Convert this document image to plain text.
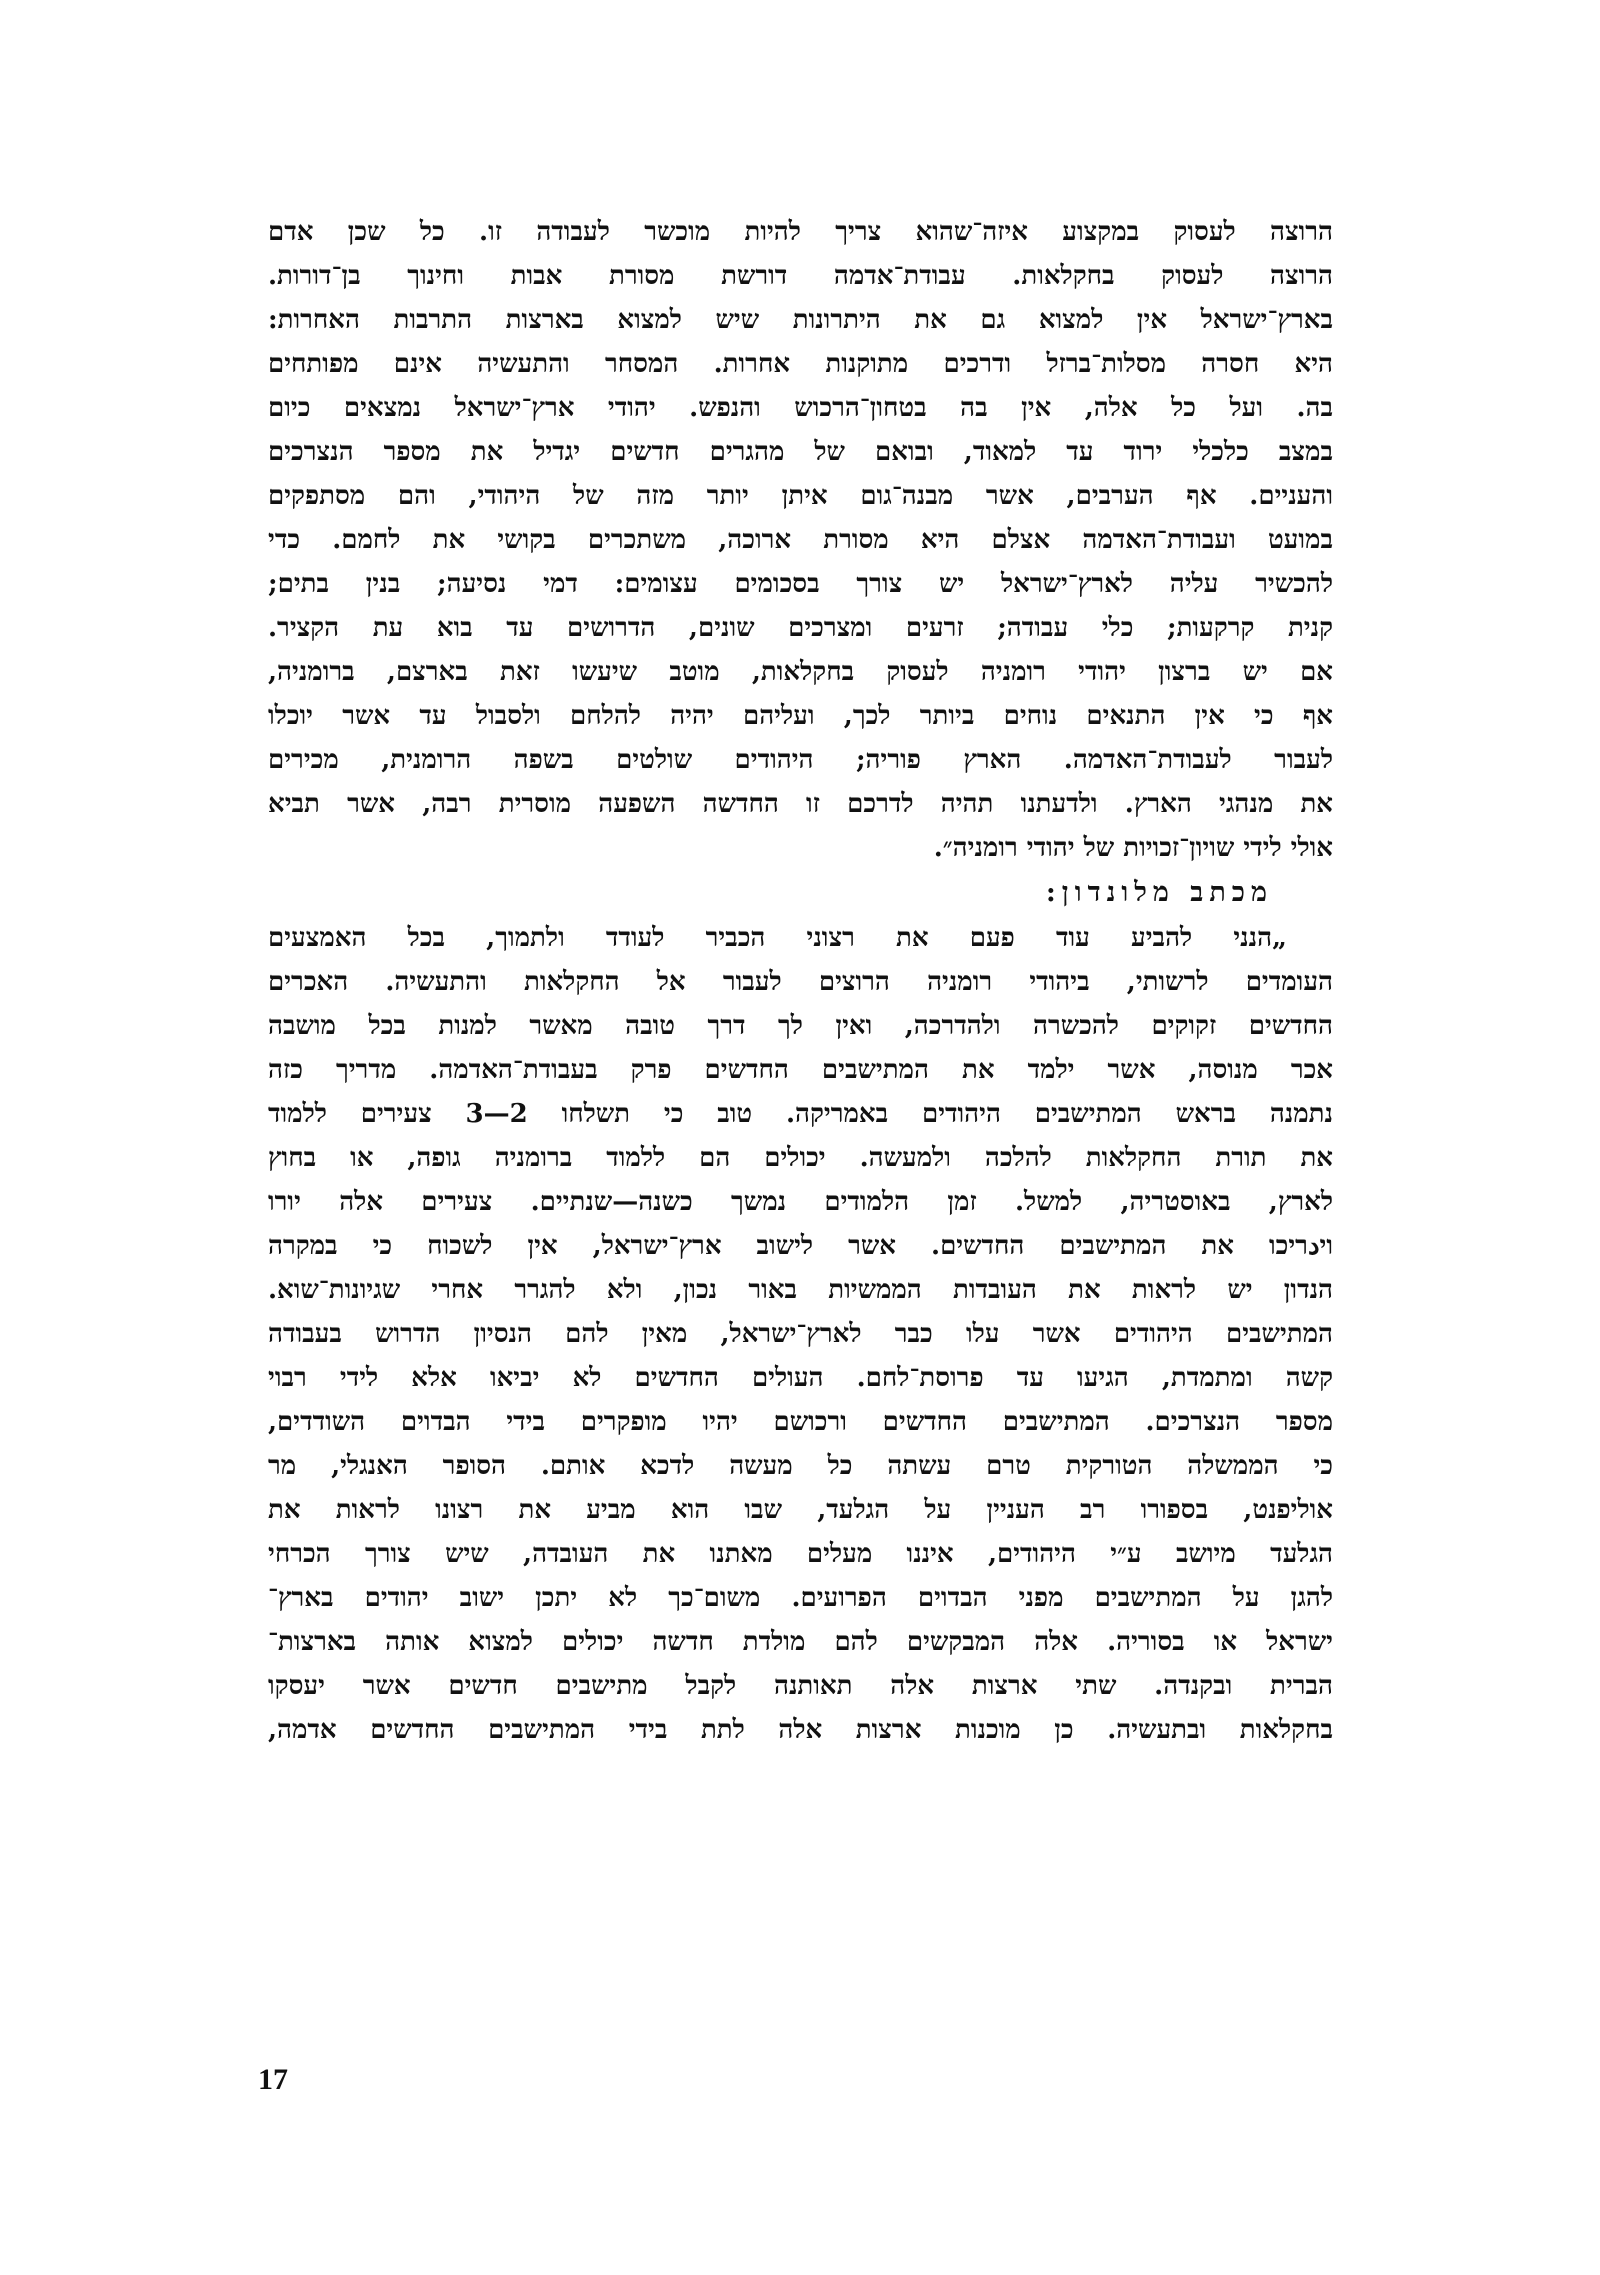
הרוצה לעסוק במקצוע איזה־שהוא צריך להיות מוכשר לעבודה זו. כל שכן אדם
הרוצה לעסוק בחקלאות. עבודת־אדמה דורשת מסורת אבות וחינוך בן־דורות.
בארץ־ישראל אין למצוא גם את היתרונות שיש למצוא בארצות התרבות האחרות:
היא חסרה מסלות־ברזל ודרכים מתוקנות אחרות. המסחר והתעשיה אינם מפותחים
בה. ועל כל אלה, אין בה בטחון־הרכוש והנפש. יהודי ארץ־ישראל נמצאים כיום
במצב כלכלי ירוד עד למאוד, ובואם של מהגרים חדשים יגדיל את מספר הנצרכים
והעניים. אף הערבים, אשר מבנה־גום איתן יותר מזה של היהודי, והם מסתפקים
במועט ועבודת־האדמה אצלם היא מסורת ארוכה, משתכרים בקושי את לחמם. כדי
להכשיר עליה לארץ־ישראל יש צורך בסכומים עצומים: דמי נסיעה; בנין בתים;
קנית קרקעות; כלי עבודה; זרעים ומצרכים שונים, הדרושים עד בוא עת הקציר.
אם יש ברצון יהודי רומניה לעסוק בחקלאות, מוטב שיעשו זאת בארצם, ברומניה,
אף כי אין התנאים נוחים ביותר לכך, ועליהם יהיה להלחם ולסבול עד אשר יוכלו
לעבור לעבודת־האדמה. הארץ פוריה; היהודים שולטים בשפה הרומנית, מכירים
את מנהגי הארץ. ולדעתנו תהיה לדרכם זו החדשה השפעה מוסרית רבה, אשר תביא
אולי לידי שויון־זכויות של יהודי רומניה״.
מכתב מלונדון:
„הנני להביע עוד פעם את רצוני הכביר לעודד ולתמוך, בכל האמצעים
העומדים לרשותי, ביהודי רומניה הרוצים לעבור אל החקלאות והתעשיה. האכרים
החדשים זקוקים להכשרה ולהדרכה, ואין לך דרך טובה מאשר למנות בכל מושבה
אכר מנוסה, אשר ילמד את המתישבים החדשים פרק בעבודת־האדמה. מדריך כזה
נתמנה בראש המתישבים היהודים באמריקה. טוב כי תשלחו 2—3 צעירים ללמוד
את תורת החקלאות להלכה ולמעשה. יכולים הם ללמוד ברומניה גופה, או בחוץ
לארץ, באוסטריה, למשל. זמן הלמודים נמשך כשנה—שנתיים. צעירים אלה יורו
ויدריכו את המתישבים החדשים. אשר לישוב ארץ־ישראל, אין לשכוח כי במקרה
הנדון יש לראות את העובדות הממשיות באור נכון, ולא להגרר אחרי שגיונות־שוא.
המתישבים היהודים אשר עלו כבר לארץ־ישראל, מאין להם הנסיון הדרוש בעבודה
קשה ומתמדת, הגיעו עד פרוסת־לחם. העולים החדשים לא יביאו אלא לידי רבוי
מספר הנצרכים. המתישבים החדשים ורכושם יהיו מופקרים בידי הבדוים השודדים,
כי הממשלה הטורקית טרם עשתה כל מעשה לדכא אותם. הסופר האנגלי, מר
אוליפנט, בספורו רב העניין על הגלעד, שבו הוא מביע את רצונו לראות את
הגלעד מיושב ע״י היהודים, איננו מעלים מאתנו את העובדה, שיש צורך הכרחי
להגן על המתישבים מפני הבדוים הפרועים. משום־כך לא יתכן ישוב יהודים בארץ־
ישראל או בסוריה. אלה המבקשים להם מולדת חדשה יכולים למצוא אותה בארצות־
הברית ובקנדה. שתי ארצות אלה תאותנה לקבל מתישבים חדשים אשר יעסקו
בחקלאות ובתעשיה. כן מוכנות ארצות אלה לתת בידי המתישבים החדשים אדמה,
17
